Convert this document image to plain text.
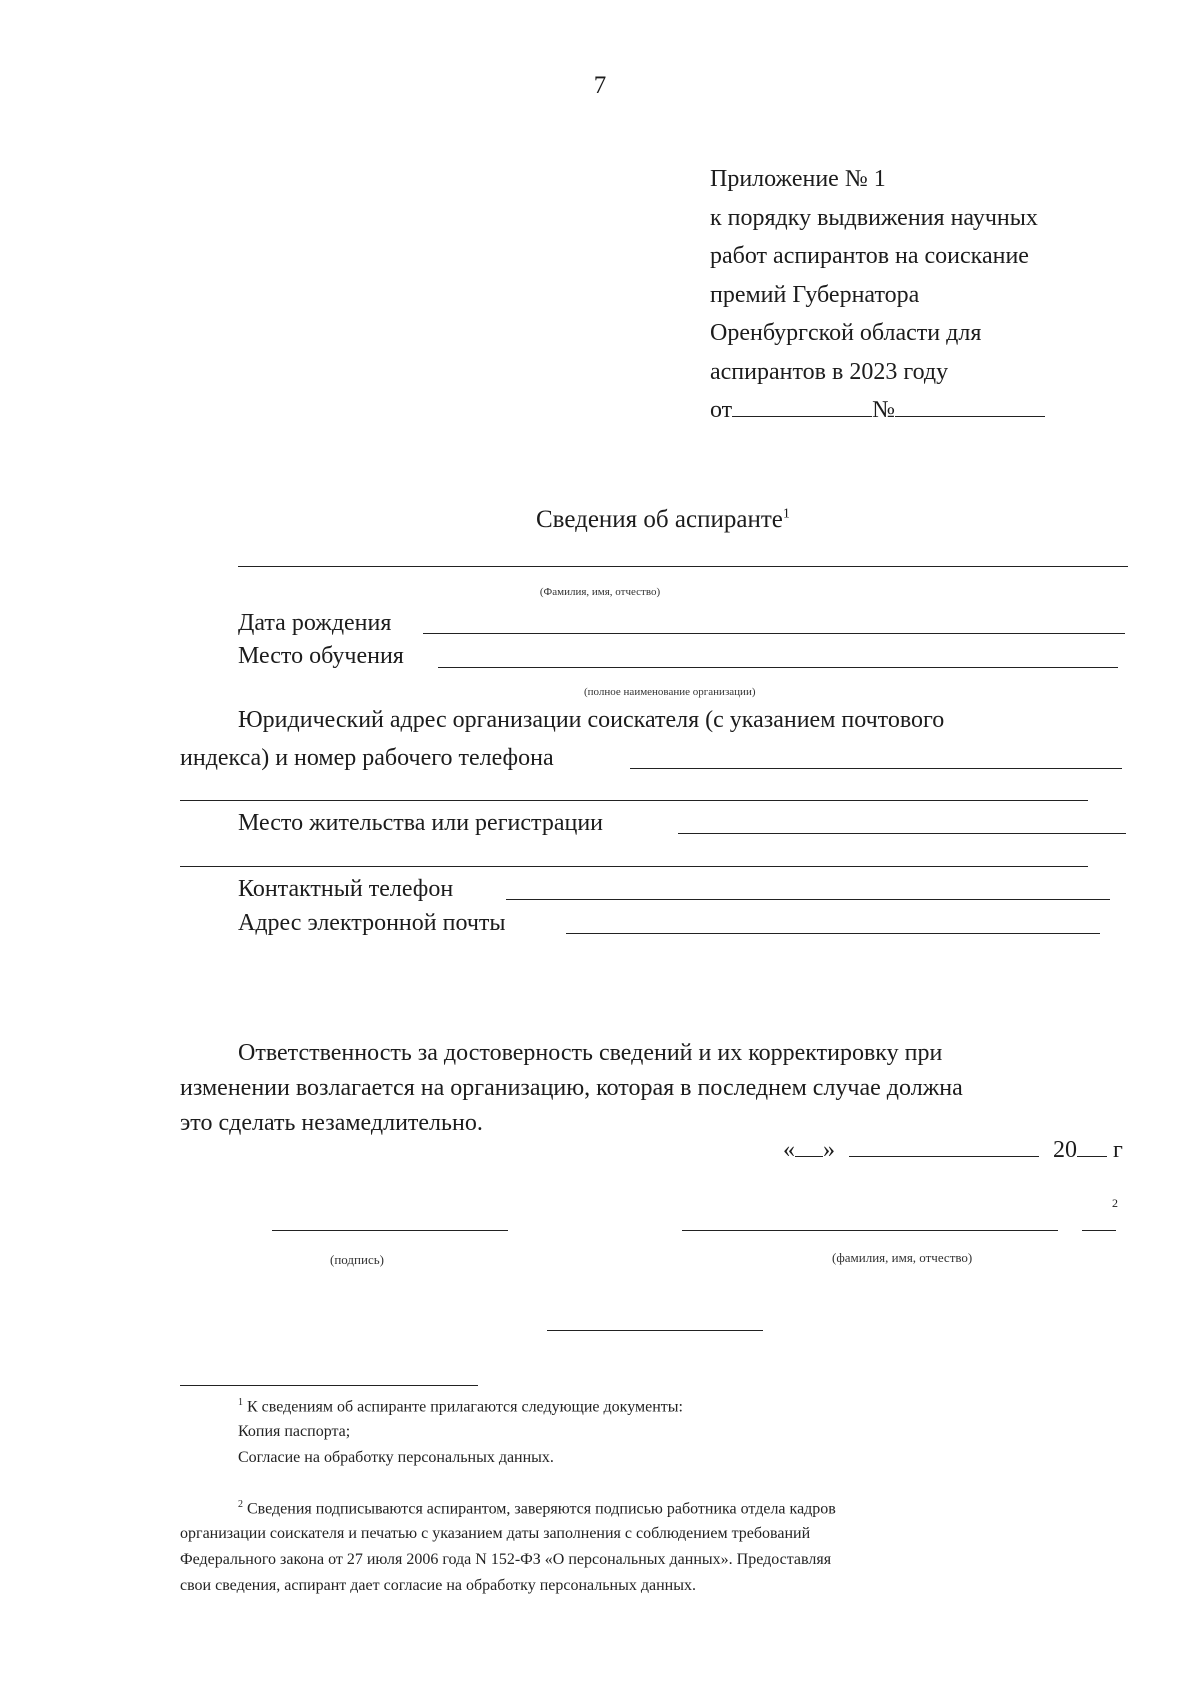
7
Приложение № 1
к порядку выдвижения научных
работ аспирантов на соискание
премий Губернатора
Оренбургской области для
аспирантов в 2023 году
от	№
Сведения об аспиранте$^1$
(Фамилия, имя, отчество)
Дата рождения
Место обучения
(полное наименование организации)
Юридический адрес организации соискателя (с указанием почтового
индекса) и номер рабочего телефона
Место жительства или регистрации
Контактный телефон
Адрес электронной почты
Ответственность за достоверность сведений и их корректировку при
изменении возлагается на организацию, которая в последнем случае должна
это сделать незамедлительно.
« »	20 г
2
(подпись)	(фамилия, имя, отчество)
$^1$ К сведениям об аспиранте прилагаются следующие документы:
Копия паспорта;
Согласие на обработку персональных данных.
$^2$ Сведения подписываются аспирантом, заверяются подписью работника отдела кадров
организации соискателя и печатью с указанием даты заполнения с соблюдением требований
Федерального закона от 27 июля 2006 года N 152-ФЗ «О персональных данных». Предоставляя
свои сведения, аспирант дает согласие на обработку персональных данных.
